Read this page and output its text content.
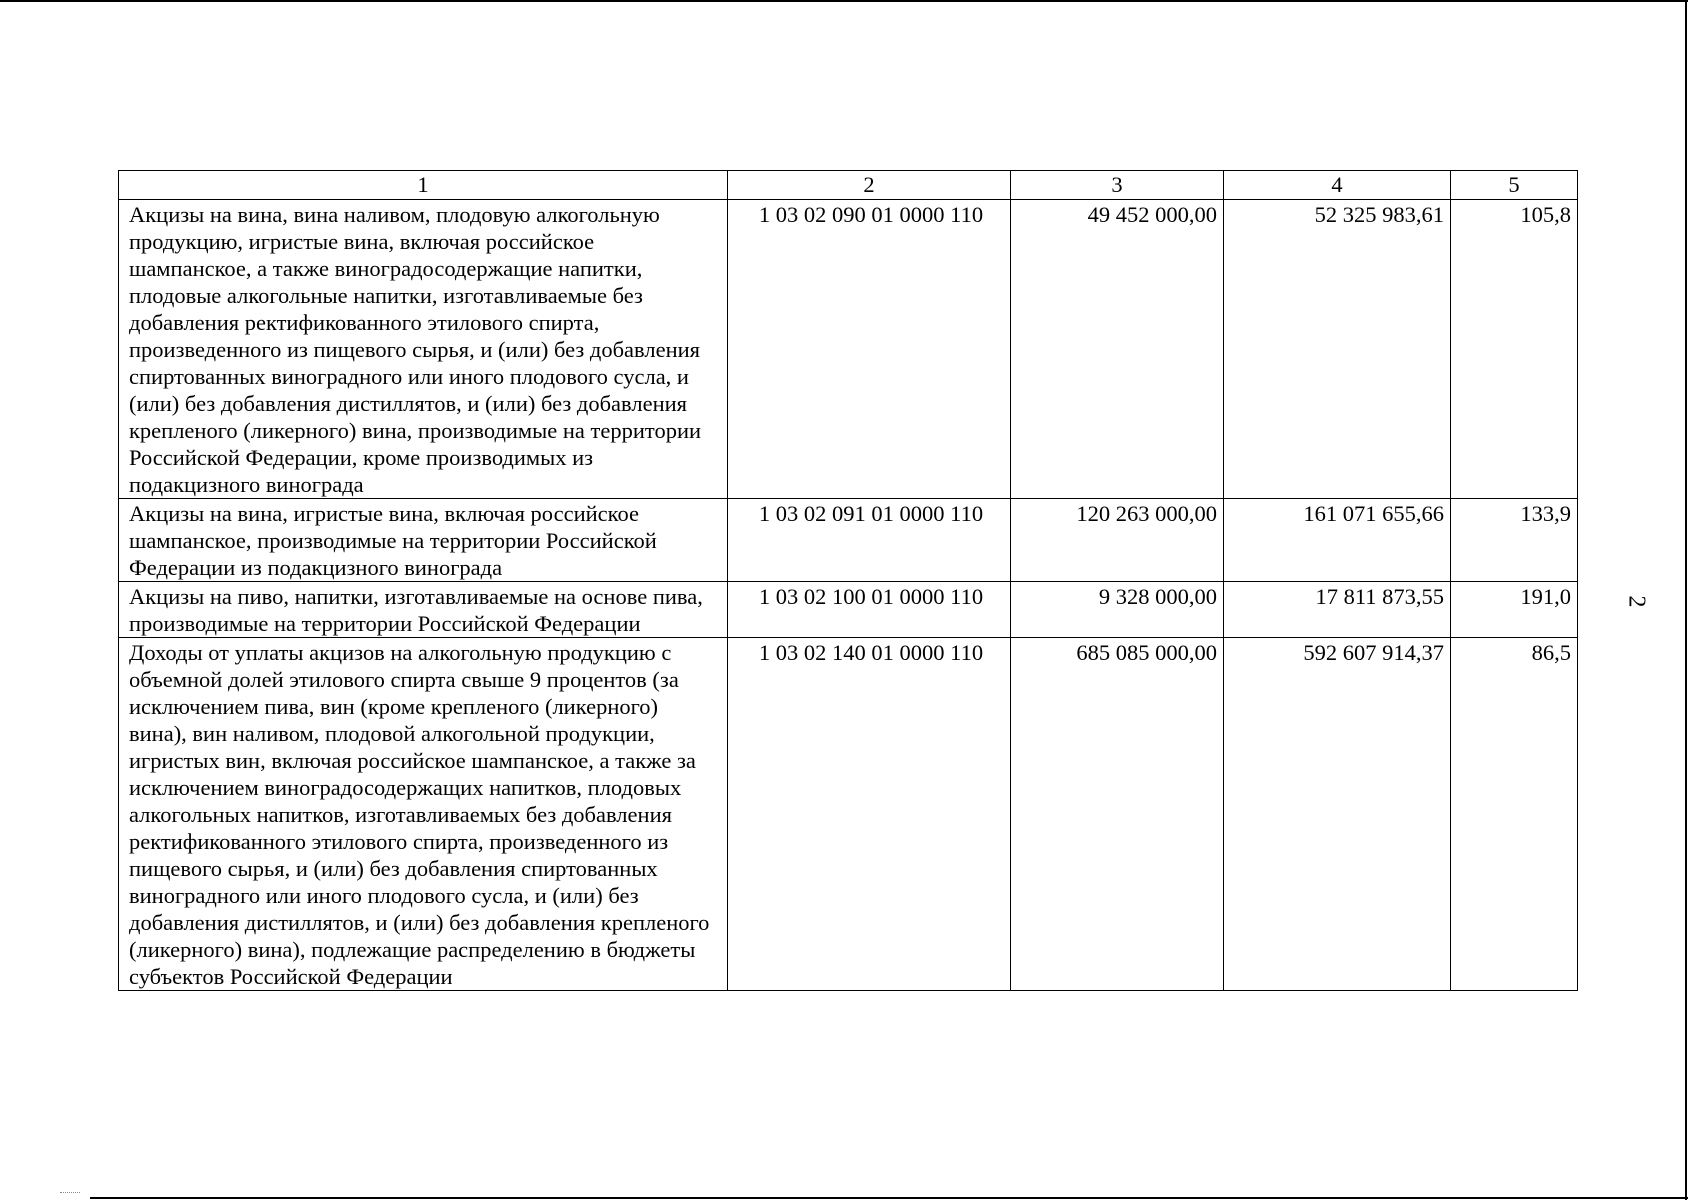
1	2	3	4	5
Акцизы на вина, вина наливом, плодовую алкогольную продукцию, игристые вина, включая российское шампанское, а также виноградосодержащие напитки, плодовые алкогольные напитки, изготавливаемые без добавления ректификованного этилового спирта, произведенного из пищевого сырья, и (или) без добавления спиртованных виноградного или иного плодового сусла, и (или) без добавления дистиллятов, и (или) без добавления крепленого (ликерного) вина, производимые на территории Российской Федерации, кроме производимых из подакцизного винограда	1 03 02 090 01 0000 110	49 452 000,00	52 325 983,61	105,8
Акцизы на вина, игристые вина, включая российское шампанское, производимые на территории Российской Федерации из подакцизного винограда	1 03 02 091 01 0000 110	120 263 000,00	161 071 655,66	133,9
Акцизы на пиво, напитки, изготавливаемые на основе пива, производимые на территории Российской Федерации	1 03 02 100 01 0000 110	9 328 000,00	17 811 873,55	191,0
Доходы от уплаты акцизов на алкогольную продукцию с объемной долей этилового спирта свыше 9 процентов (за исключением пива, вин (кроме крепленого (ликерного) вина), вин наливом, плодовой алкогольной продукции, игристых вин, включая российское шампанское, а также за исключением виноградосодержащих напитков, плодовых алкогольных напитков, изготавливаемых без добавления ректификованного этилового спирта, произведенного из пищевого сырья, и (или) без добавления спиртованных виноградного или иного плодового сусла, и (или) без добавления дистиллятов, и (или) без добавления крепленого (ликерного) вина), подлежащие распределению в бюджеты субъектов Российской Федерации	1 03 02 140 01 0000 110	685 085 000,00	592 607 914,37	86,5
2
